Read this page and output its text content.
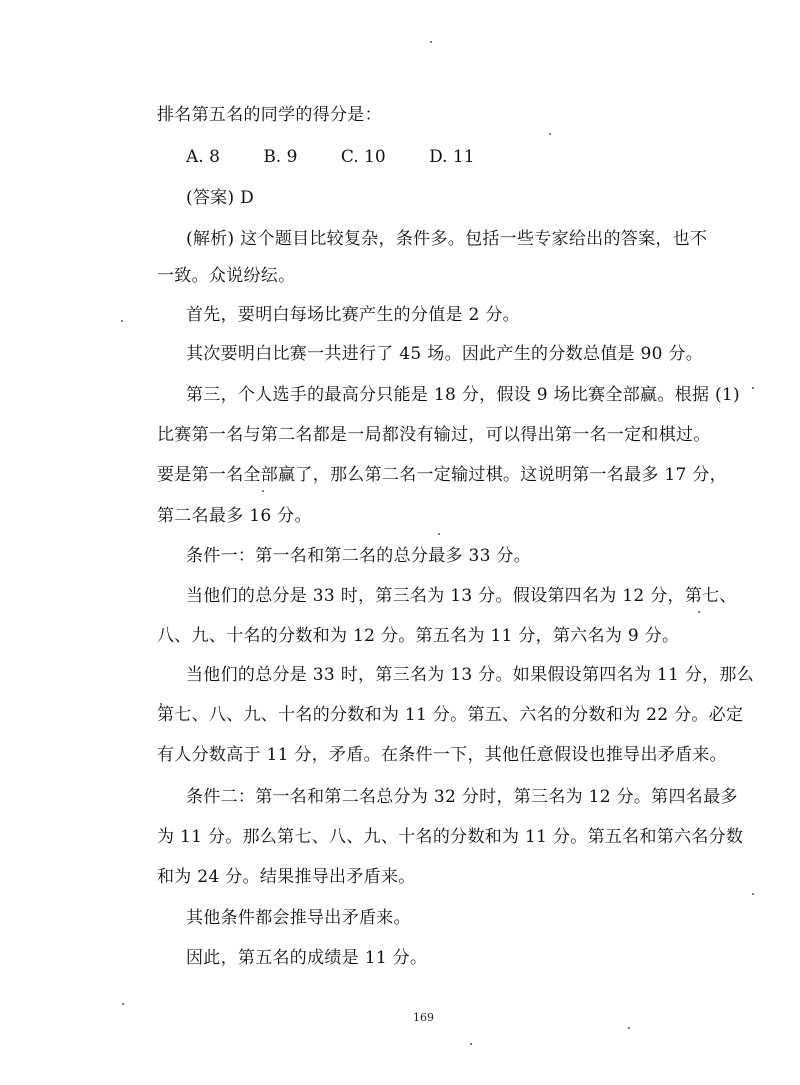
排名第五名的同学的得分是：
A. 8	B. 9	C. 10	D. 11
(答案) D
(解析) 这个题目比较复杂，条件多。包括一些专家给出的答案，也不
一致。众说纷纭。
首先，要明白每场比赛产生的分值是 2 分。
其次要明白比赛一共进行了 45 场。因此产生的分数总值是 90 分。
第三，个人选手的最高分只能是 18 分，假设 9 场比赛全部赢。根据 (1)
比赛第一名与第二名都是一局都没有输过，可以得出第一名一定和棋过。
要是第一名全部赢了，那么第二名一定输过棋。这说明第一名最多 17 分，
第二名最多 16 分。
条件一：第一名和第二名的总分最多 33 分。
当他们的总分是 33 时，第三名为 13 分。假设第四名为 12 分，第七、
八、九、十名的分数和为 12 分。第五名为 11 分，第六名为 9 分。
当他们的总分是 33 时，第三名为 13 分。如果假设第四名为 11 分，那么
第七、八、九、十名的分数和为 11 分。第五、六名的分数和为 22 分。必定
有人分数高于 11 分，矛盾。在条件一下，其他任意假设也推导出矛盾来。
条件二：第一名和第二名总分为 32 分时，第三名为 12 分。第四名最多
为 11 分。那么第七、八、九、十名的分数和为 11 分。第五名和第六名分数
和为 24 分。结果推导出矛盾来。
其他条件都会推导出矛盾来。
因此，第五名的成绩是 11 分。
169
